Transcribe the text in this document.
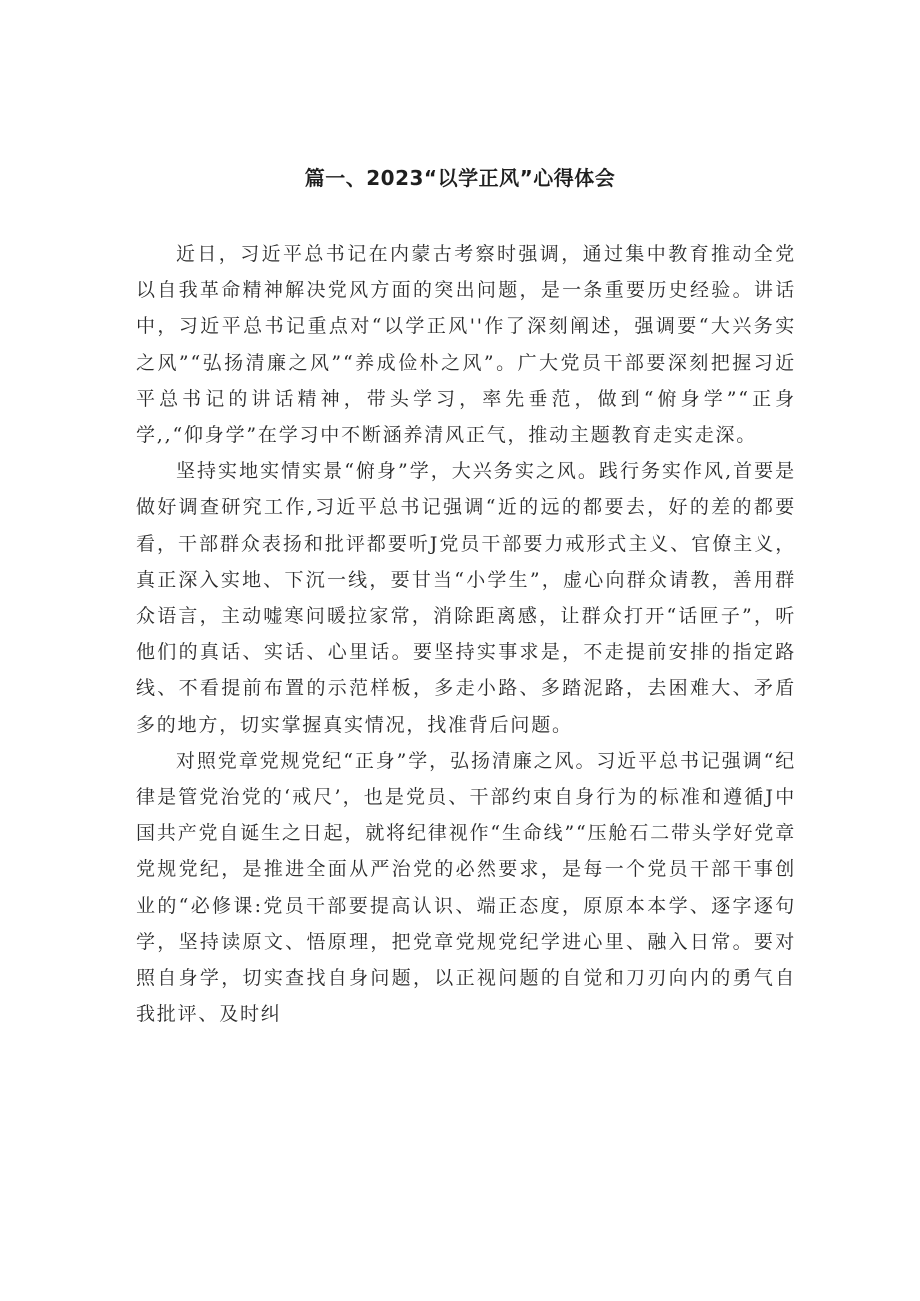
篇一、2023“以学正风”心得体会

近日，习近平总书记在内蒙古考察时强调，通过集中教育推动全党以自我革命精神解决党风方面的突出问题，是一条重要历史经验。讲话中，习近平总书记重点对“以学正风''作了深刻阐述，强调要“大兴务实之风”“弘扬清廉之风”“养成俭朴之风”。广大党员干部要深刻把握习近平总书记的讲话精神，带头学习，率先垂范，做到“俯身学”“正身学,,“仰身学”在学习中不断涵养清风正气，推动主题教育走实走深。

坚持实地实情实景“俯身”学，大兴务实之风。践行务实作风,首要是做好调查研究工作,习近平总书记强调“近的远的都要去，好的差的都要看，干部群众表扬和批评都要听J党员干部要力戒形式主义、官僚主义，真正深入实地、下沉一线，要甘当“小学生”，虚心向群众请教，善用群众语言，主动嘘寒问暖拉家常，消除距离感，让群众打开“话匣子”，听他们的真话、实话、心里话。要坚持实事求是，不走提前安排的指定路线、不看提前布置的示范样板，多走小路、多踏泥路，去困难大、矛盾多的地方，切实掌握真实情况，找准背后问题。

对照党章党规党纪“正身”学，弘扬清廉之风。习近平总书记强调“纪律是管党治党的‘戒尺’，也是党员、干部约束自身行为的标准和遵循J中国共产党自诞生之日起，就将纪律视作“生命线”“压舱石二带头学好党章党规党纪，是推进全面从严治党的必然要求，是每一个党员干部干事创业的“必修课:党员干部要提高认识、端正态度，原原本本学、逐字逐句学，坚持读原文、悟原理，把党章党规党纪学进心里、融入日常。要对照自身学，切实查找自身问题，以正视问题的自觉和刀刃向内的勇气自我批评、及时纠
